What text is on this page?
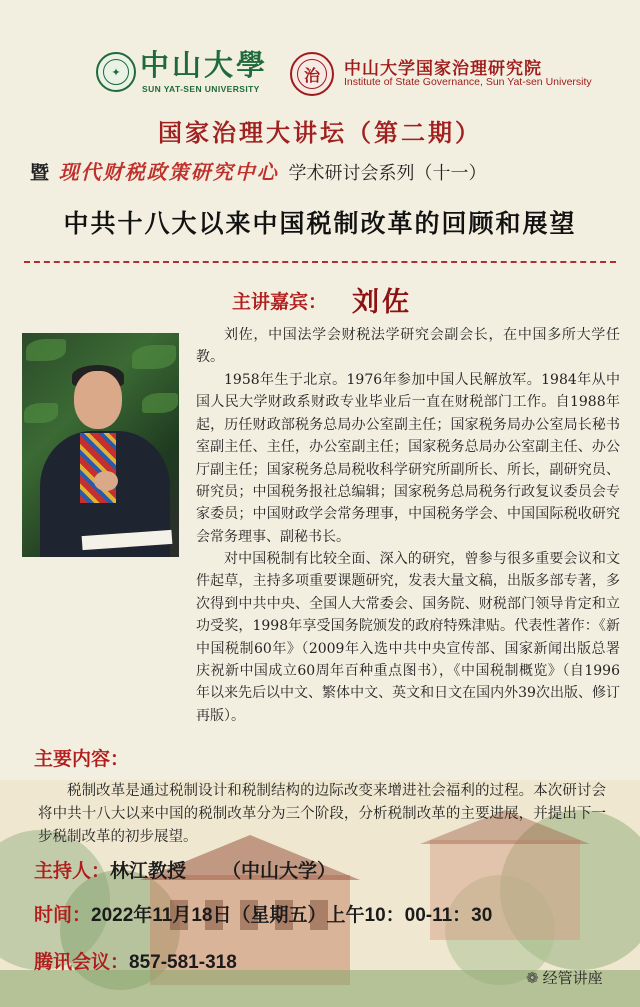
✦ 中山大學
SUN YAT-SEN UNIVERSITY
治	中山大学国家治理研究院
Institute of State Governance, Sun Yat-sen University
国家治理大讲坛（第二期）
暨 现代财税政策研究中心 学术研讨会系列（十一）
中共十八大以来中国税制改革的回顾和展望
主讲嘉宾： 刘佐
刘佐，中国法学会财税法学研究会副会长，在中国多所大学任教。
1958年生于北京。1976年参加中国人民解放军。1984年从中国人民大学财政系财政专业毕业后一直在财税部门工作。自1988年起，历任财政部税务总局办公室副主任；国家税务局办公室局长秘书室副主任、主任，办公室副主任；国家税务总局办公室副主任、办公厅副主任；国家税务总局税收科学研究所副所长、所长，副研究员、研究员；中国税务报社总编辑；国家税务总局税务行政复议委员会专家委员；中国财政学会常务理事，中国税务学会、中国国际税收研究会常务理事、副秘书长。
对中国税制有比较全面、深入的研究，曾参与很多重要会议和文件起草，主持多项重要课题研究，发表大量文稿，出版多部专著，多次得到中共中央、全国人大常委会、国务院、财税部门领导肯定和立功受奖，1998年享受国务院颁发的政府特殊津贴。代表性著作：《新中国税制60年》（2009年入选中共中央宣传部、国家新闻出版总署庆祝新中国成立60周年百种重点图书），《中国税制概览》（自1996年以来先后以中文、繁体中文、英文和日文在国内外39次出版、修订再版）。
主要内容：
税制改革是通过税制设计和税制结构的边际改变来增进社会福利的过程。本次研讨会将中共十八大以来中国的税制改革分为三个阶段，分析税制改革的主要进展，并提出下一步税制改革的初步展望。
主持人：林江教授 （中山大学）
时间：2022年11月18日（星期五）上午10：00-11：30
腾讯会议：857-581-318
❁ 经管讲座
